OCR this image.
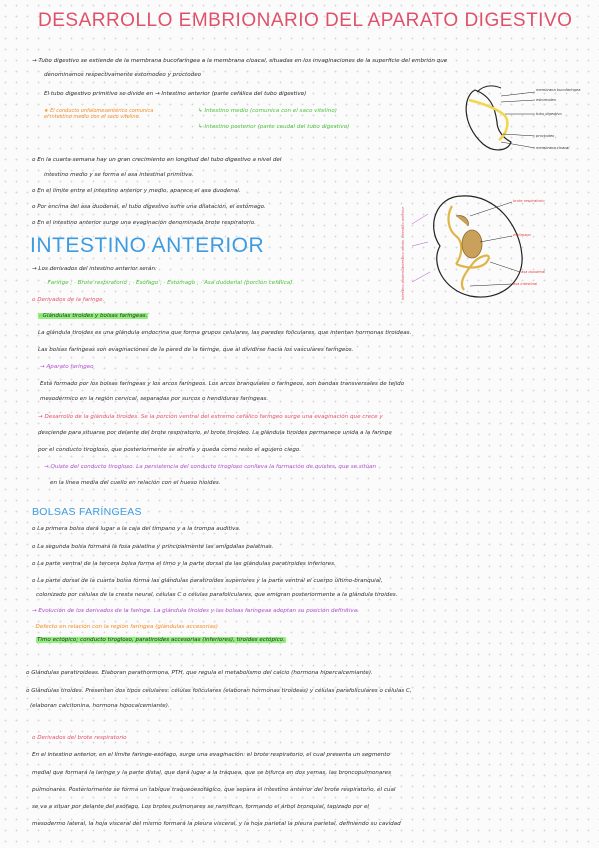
DESARROLLO EMBRIONARIO DEL APARATO DIGESTIVO
→ Tubo digestivo se extiende de la membrana bucofaríngea a la membrana cloacal, situadas en los invaginaciones de la superficie del embrión que
denominamos respectivamente estomodeo y proctodeo
El tubo digestivo primitivo se divide en → Intestino anterior (parte cefálica del tubo digestivo)
↳ Intestino medio (comunica con el saco vitelino)
↳ Intestino posterior (parte caudal del tubo digestivo)
★ El conducto onfalomesentérico comunica el intestino medio con el saco vitelino.
membrana bucofaríngea
estomodeo
tubo digestivo
proctodeo
membrana cloacal
o En la cuarta semana hay un gran crecimiento en longitud del tubo digestivo a nivel del
intestino medio y se forma el asa intestinal primitiva.
o En el límite entre el intestino anterior y medio, aparece el asa duodenal.
o Por encima del asa duodenal, el tubo digestivo sufre una dilatación, el estómago.
o En el intestino anterior surge una evaginación denominada brote respiratorio.
brote respiratorio
estómago
asa duodenal
asa intestinal
intestino anterior
intestino medio
intestino posterior
INTESTINO ANTERIOR
→ Los derivados del intestino anterior serán:
· Faringe ; · Brote respiratorio ; · Esófago ; · Estómago ; · Asa duodenal (porción cefálica).
o Derivados de la faringe.
· Glándulas tiroides y bolsas faríngeas.
La glándula tiroides es una glándula endocrina que forma grupos celulares, las paredes foliculares, que intentan hormonas tiroideas.
Las bolsas faríngeas son evaginaciones de la pared de la faringe, que al dividirse hacia los vasculares faríngeos.
→ Aparato faríngeo
Está formado por los bolsas faríngeas y los arcos faríngeos. Los arcos branquiales o faríngeos, son bandas transversales de tejido
mesodérmico en la región cervical, separadas por surcos o hendiduras faríngeas.
→ Desarrollo de la glándula tiroides. Se la porción ventral del extremo cefálico faríngeo surge una evaginación que crece y
desciende para situarse por delante del brote respiratorio, el brote tiroideo. La glándula tiroides permanece unida a la faringe
por el conducto tirogloso, que posteriormente se atrofia y queda como resto el agujero ciego.
→ Quiste del conducto tirogloso. La persistencia del conducto tirogloso conlleva la formación de quistes, que se sitúan
en la línea media del cuello en relación con el hueso hioides.
BOLSAS FARÍNGEAS
o La primera bolsa dará lugar a la caja del tímpano y a la trompa auditiva.
o La segunda bolsa formará la fosa palatina y principalmente las amígdalas palatinas.
o La parte ventral de la tercera bolsa forma el timo y la parte dorsal da las glándulas paratiroides inferiores.
o La parte dorsal de la cuarta bolsa forma las glándulas paratiroides superiores y la parte ventral el cuerpo último-branquial,
colonizado por células de la cresta neural, células C o células parafoliculares, que emigran posteriormente a la glándula tiroides.
→ Evolución de los derivados de la faringe. La glándula tiroides y las bolsas faríngeas adoptan su posición definitiva.
· Defecto en relación con la región faríngea (glándulas accesorias)
Timo ectópico; conducto tirogloso, paratiroides accesorias (inferiores), tiroides ectópico.
o Glándulas paratiroideas. Elaboran parathormona, PTH, que regula el metabolismo del calcio (hormona hipercalcemiante).
o Glándulas tiroides. Presentan dos tipos celulares: células foliculares (elaboran hormonas tiroideas) y células parafoliculares o células C,
(elaboran calcitonina, hormona hipocalcemiante).
o Derivados del brote respiratorio
En el intestino anterior, en el límite faringe-esófago, surge una evaginación: el brote respiratorio, el cual presenta un segmento
medial que formará la laringe y la parte distal, que dará lugar a la tráquea, que se bifurca en dos yemas, las broncopulmonares
pulmonares. Posteriormente se forma un tabique traqueoesofágico, que separa el intestino anterior del brote respiratorio, el cual
se va a situar por delante del esófago. Los brotes pulmonares se ramifican, formando el árbol bronquial, tapizado por el
mesodermo lateral, la hoja visceral del mismo formará la pleura visceral, y la hoja parietal la pleura parietal, definiendo su cavidad
